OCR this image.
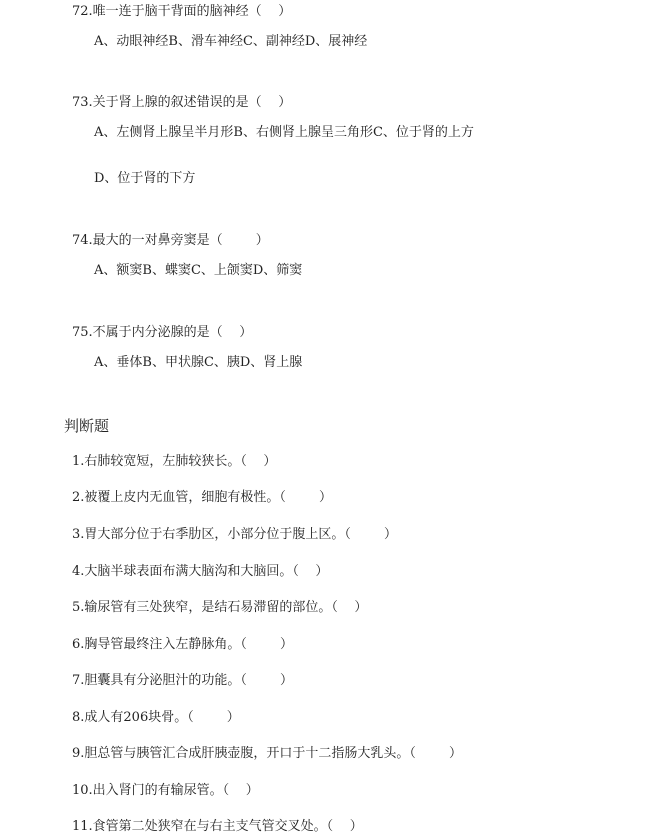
72.唯一连于脑干背面的脑神经（    ）
A、动眼神经B、滑车神经C、副神经D、展神经
73.关于肾上腺的叙述错误的是（    ）
A、左侧肾上腺呈半月形B、右侧肾上腺呈三角形C、位于肾的上方
D、位于肾的下方
74.最大的一对鼻旁窦是（        ）
A、额窦B、蝶窦C、上颌窦D、筛窦
75.不属于内分泌腺的是（    ）
A、垂体B、甲状腺C、胰D、肾上腺
判断题
1.右肺较宽短，左肺较狭长。（    ）
2.被覆上皮内无血管，细胞有极性。（        ）
3.胃大部分位于右季肋区，小部分位于腹上区。（        ）
4.大脑半球表面布满大脑沟和大脑回。（    ）
5.输尿管有三处狭窄，是结石易滞留的部位。（    ）
6.胸导管最终注入左静脉角。（        ）
7.胆囊具有分泌胆汁的功能。（        ）
8.成人有206块骨。（        ）
9.胆总管与胰管汇合成肝胰壶腹，开口于十二指肠大乳头。（        ）
10.出入肾门的有输尿管。（    ）
11.食管第二处狭窄在与右主支气管交叉处。（    ）
